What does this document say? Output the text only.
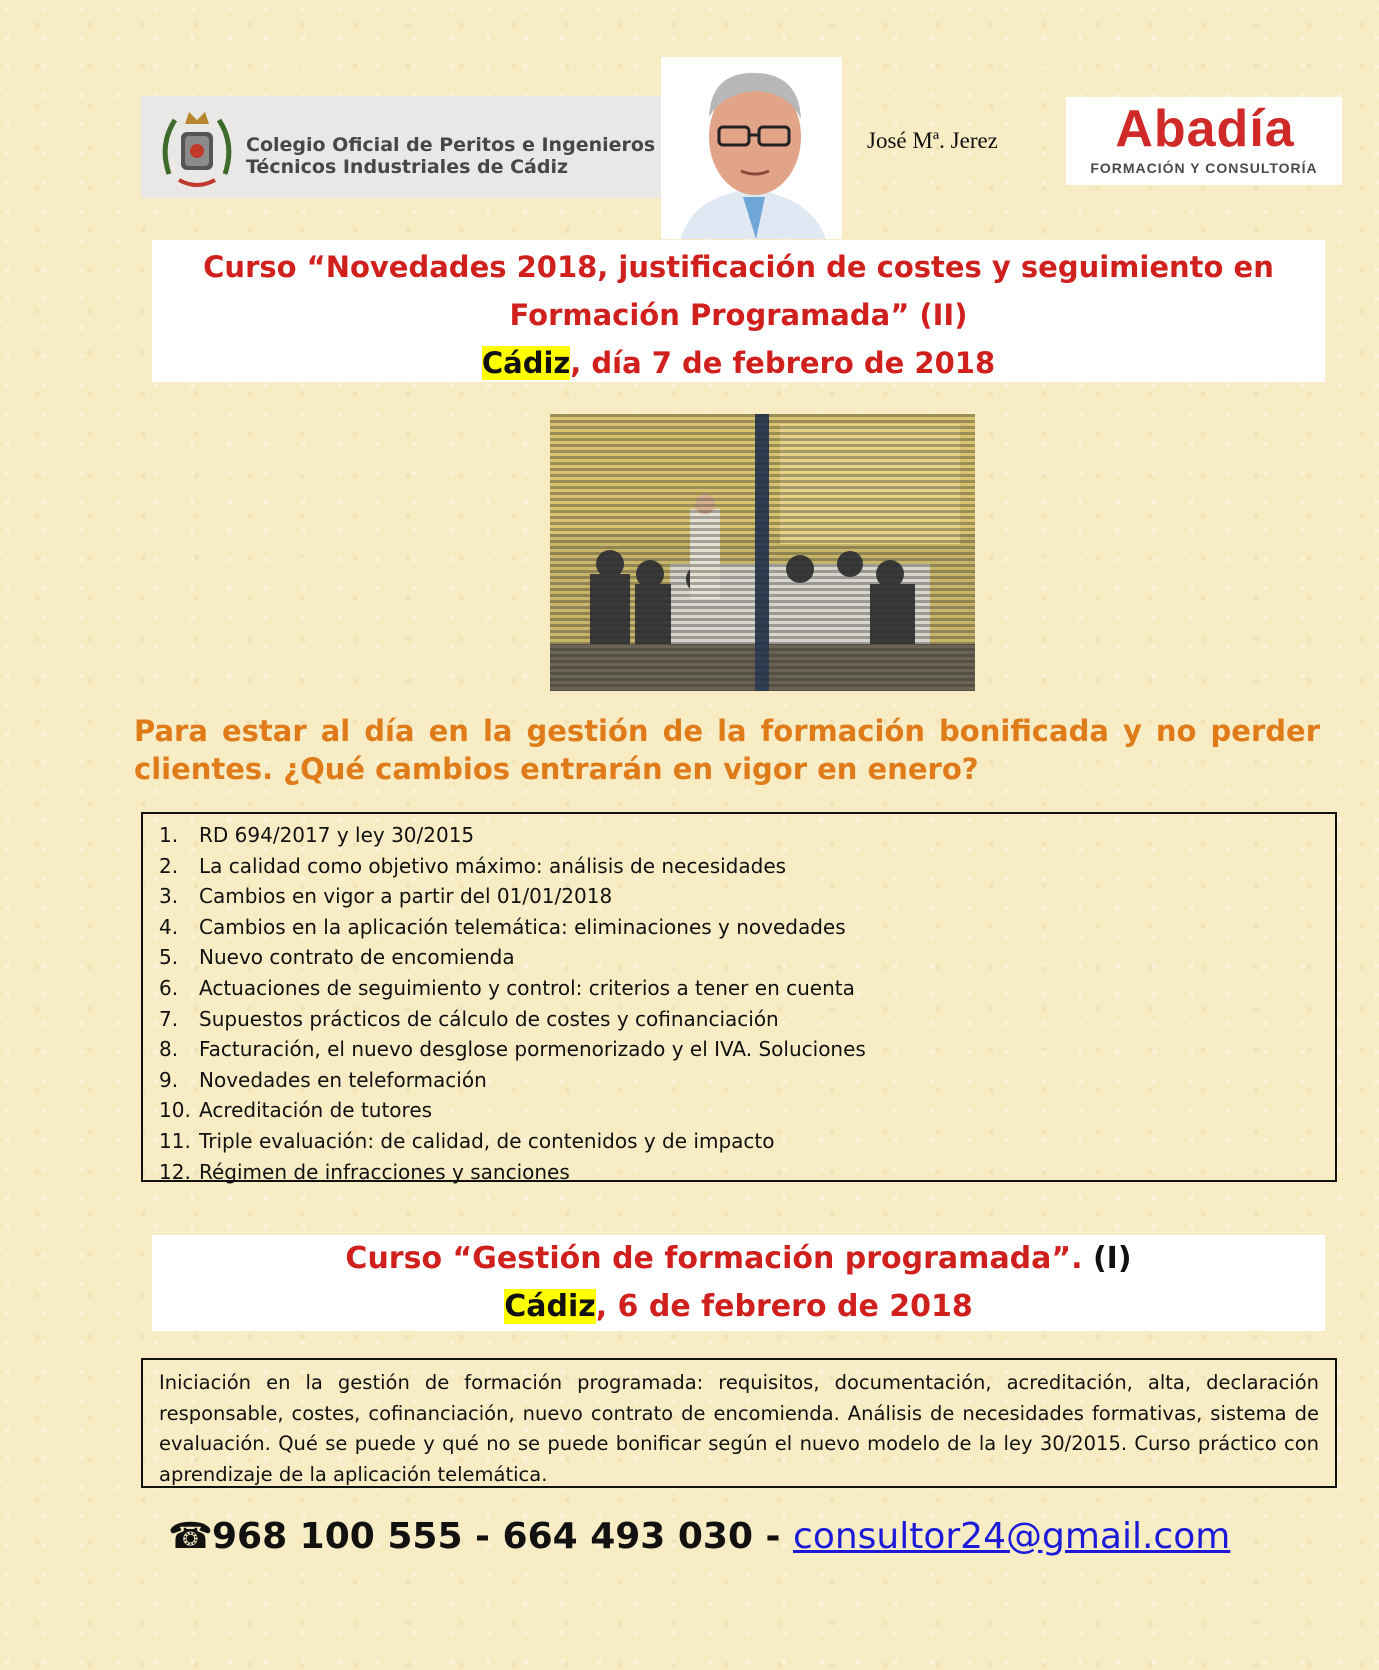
Colegio Oficial de Peritos e Ingenieros
Técnicos Industriales de Cádiz
José Mª. Jerez	Abadía
FORMACIÓN Y CONSULTORÍA
Curso “Novedades 2018, justificación de costes y seguimiento en
Formación Programada” (II)
Cádiz, día 7 de febrero de 2018
Para estar al día en la gestión de la formación bonificada y no perder clientes. ¿Qué cambios entrarán en vigor en enero?
1. RD 694/2017 y ley 30/2015
2. La calidad como objetivo máximo: análisis de necesidades
3. Cambios en vigor a partir del 01/01/2018
4. Cambios en la aplicación telemática: eliminaciones y novedades
5. Nuevo contrato de encomienda
6. Actuaciones de seguimiento y control: criterios a tener en cuenta
7. Supuestos prácticos de cálculo de costes y cofinanciación
8. Facturación, el nuevo desglose pormenorizado y el IVA. Soluciones
9. Novedades en teleformación
10. Acreditación de tutores
11. Triple evaluación: de calidad, de contenidos y de impacto
12. Régimen de infracciones y sanciones
Curso “Gestión de formación programada”. (I)
Cádiz, 6 de febrero de 2018
Iniciación en la gestión de formación programada: requisitos, documentación, acreditación, alta, declaración responsable, costes, cofinanciación, nuevo contrato de encomienda. Análisis de necesidades formativas, sistema de evaluación. Qué se puede y qué no se puede bonificar según el nuevo modelo de la ley 30/2015. Curso práctico con aprendizaje de la aplicación telemática.
☎968 100 555 - 664 493 030 - consultor24@gmail.com
